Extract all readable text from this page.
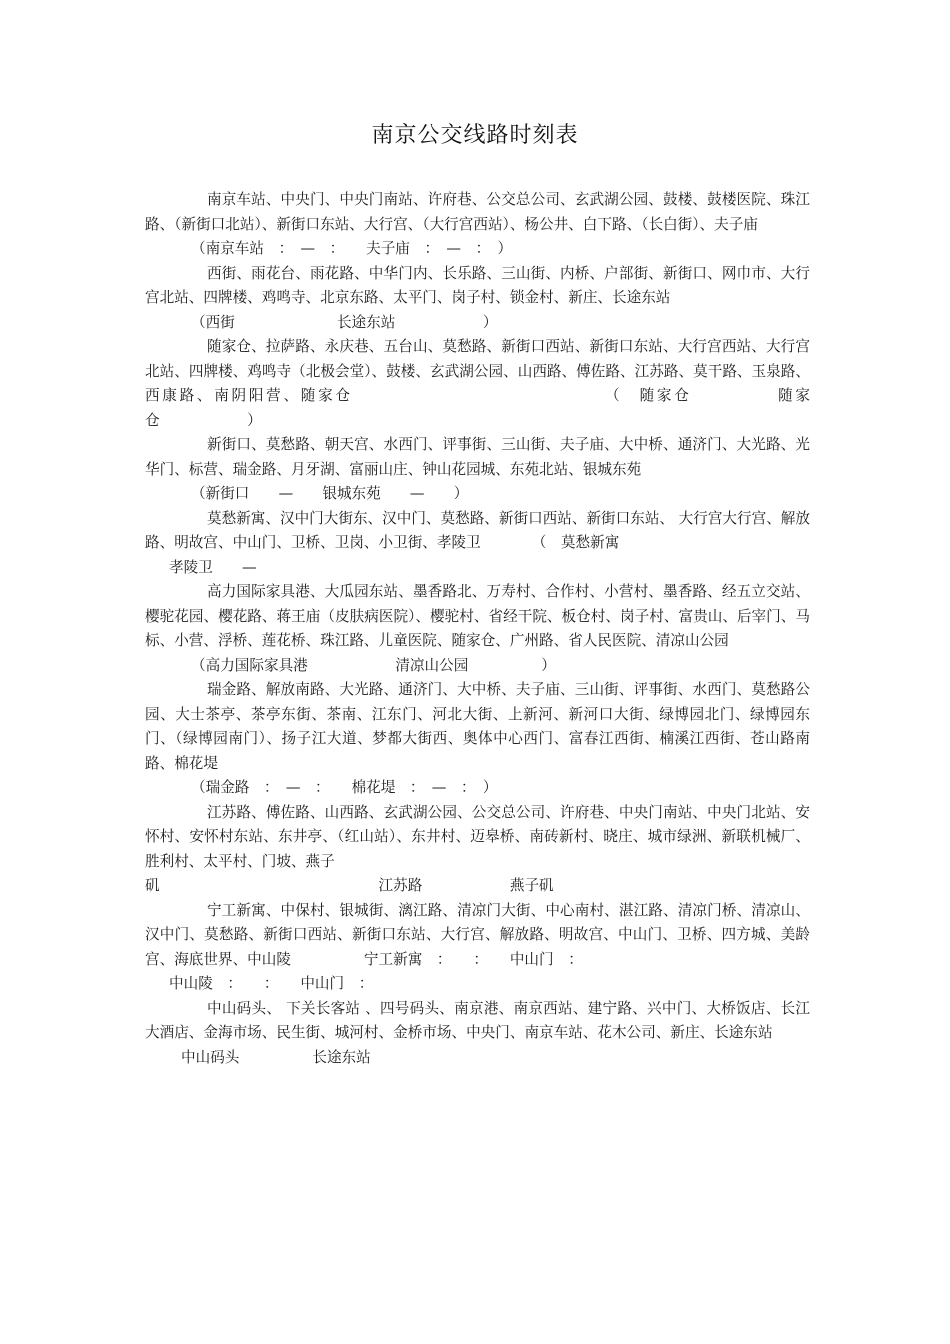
南京公交线路时刻表

南京车站、中央门、中央门南站、许府巷、公交总公司、玄武湖公园、鼓楼、鼓楼医院、珠江路、（新街口北站）、新街口东站、大行宫、（大行宫西站）、杨公井、白下路、（长白街）、夫子庙

（南京车站　：　—　：　　夫子庙　：　—　：　）

西街、雨花台、雨花路、中华门内、长乐路、三山街、内桥、户部街、新街口、网巾市、大行宫北站、四牌楼、鸡鸣寺、北京东路、太平门、岗子村、锁金村、新庄、长途东站

（西街　　　　　　　长途东站　　　　　　）

随家仓、拉萨路、永庆巷、五台山、莫愁路、新街口西站、新街口东站、大行宫西站、大行宫北站、四牌楼、鸡鸣寺（北极会堂）、鼓楼、玄武湖公园、山西路、傅佐路、江苏路、莫干路、玉泉路、西康路、南阴阳营、随家仓　　　　　　　　　　　　　　　（　随家仓　　　　　随家仓　　　　　　）

新街口、莫愁路、朝天宫、水西门、评事街、三山街、夫子庙、大中桥、通济门、大光路、光华门、标营、瑞金路、月牙湖、富丽山庄、钟山花园城、东苑北站、银城东苑

（新街口　　—　　银城东苑　　—　　）

莫愁新寓、汉中门大街东、汉中门、莫愁路、新街口西站、新街口东站、 大行宫大行宫、解放路、明故宫、中山门、卫桥、卫岗、小卫街、孝陵卫　　　　（　莫愁新寓

孝陵卫　　—

高力国际家具港、大瓜园东站、墨香路北、万寿村、合作村、小营村、墨香路、经五立交站、樱驼花园、樱花路、蒋王庙（皮肤病医院）、樱驼村、省经干院、板仓村、岗子村、富贵山、后宰门、马标、小营、浮桥、莲花桥、珠江路、儿童医院、随家仓、广州路、省人民医院、清凉山公园

（高力国际家具港　　　　　　清凉山公园　　　　　）

瑞金路、解放南路、大光路、通济门、大中桥、夫子庙、三山街、评事街、水西门、莫愁路公园、大士茶亭、茶亭东街、茶南、江东门、河北大街、上新河、新河口大街、绿博园北门、绿博园东门、（绿博园南门）、扬子江大道、梦都大街西、奥体中心西门、富春江西街、楠溪江西街、苍山路南路、棉花堤

（瑞金路　：　—　：　　棉花堤　：　—　：　）

江苏路、傅佐路、山西路、玄武湖公园、公交总公司、许府巷、中央门南站、中央门北站、安怀村、安怀村东站、东井亭、（红山站）、东井村、迈皋桥、南砖新村、晓庄、城市绿洲、新联机械厂、胜利村、太平村、门坡、燕子

矶　　　　　　　　　　　　　　　江苏路　　　　　　燕子矶

宁工新寓、中保村、银城街、漓江路、清凉门大街、中心南村、湛江路、清凉门桥、清凉山、汉中门、莫愁路、新街口西站、新街口东站、大行宫、解放路、明故宫、中山门、卫桥、四方城、美龄宫、海底世界、中山陵　　　　　宁工新寓　：　　：　　中山门　：

中山陵　：　　：　　中山门　：

中山码头、 下关长客站 、四号码头、南京港、南京西站、建宁路、兴中门、大桥饭店、长江大酒店、金海市场、民生街、城河村、金桥市场、中央门、南京车站、花木公司、新庄、长途东站

中山码头　　　　　长途东站
